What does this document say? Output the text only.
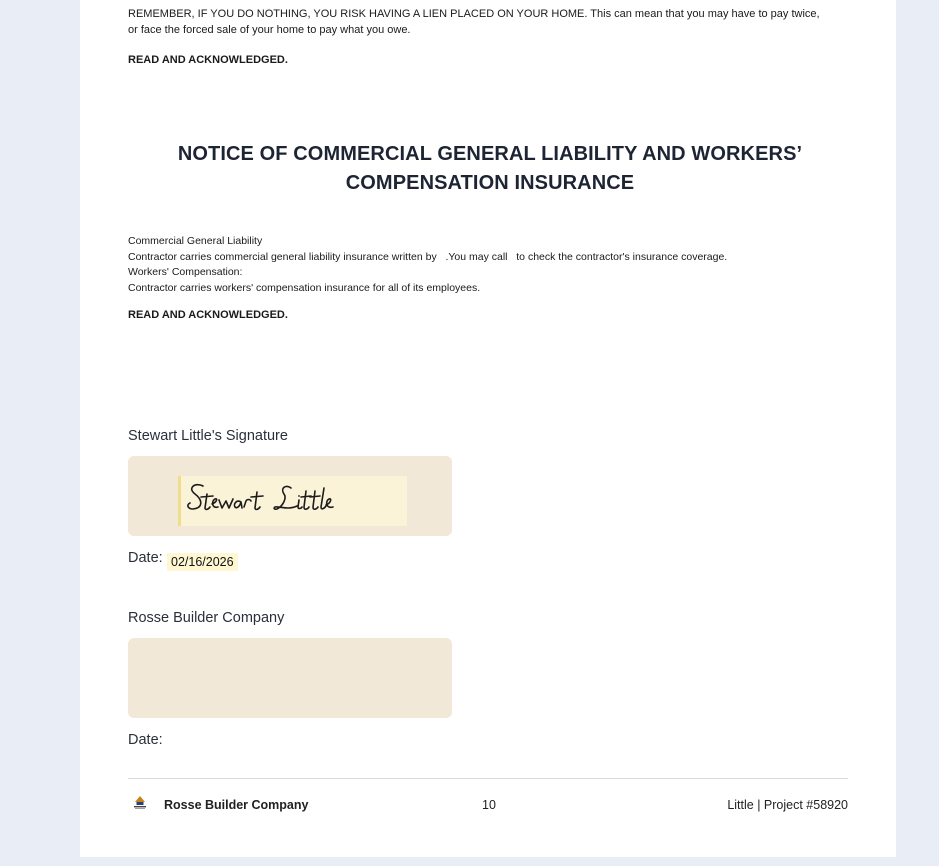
REMEMBER, IF YOU DO NOTHING, YOU RISK HAVING A LIEN PLACED ON YOUR HOME. This can mean that you may have to pay twice,
or face the forced sale of your home to pay what you owe.

READ AND ACKNOWLEDGED.

NOTICE OF COMMERCIAL GENERAL LIABILITY AND WORKERS’
COMPENSATION INSURANCE
Commercial General Liability
Contractor carries commercial general liability insurance written by   .You may call   to check the contractor's insurance coverage.
Workers' Compensation:
Contractor carries workers' compensation insurance for all of its employees.

READ AND ACKNOWLEDGED.

Stewart Little's Signature

Date: 02/16/2026

Rosse Builder Company

Date:
Rosse Builder Company	10	Little | Project #58920
